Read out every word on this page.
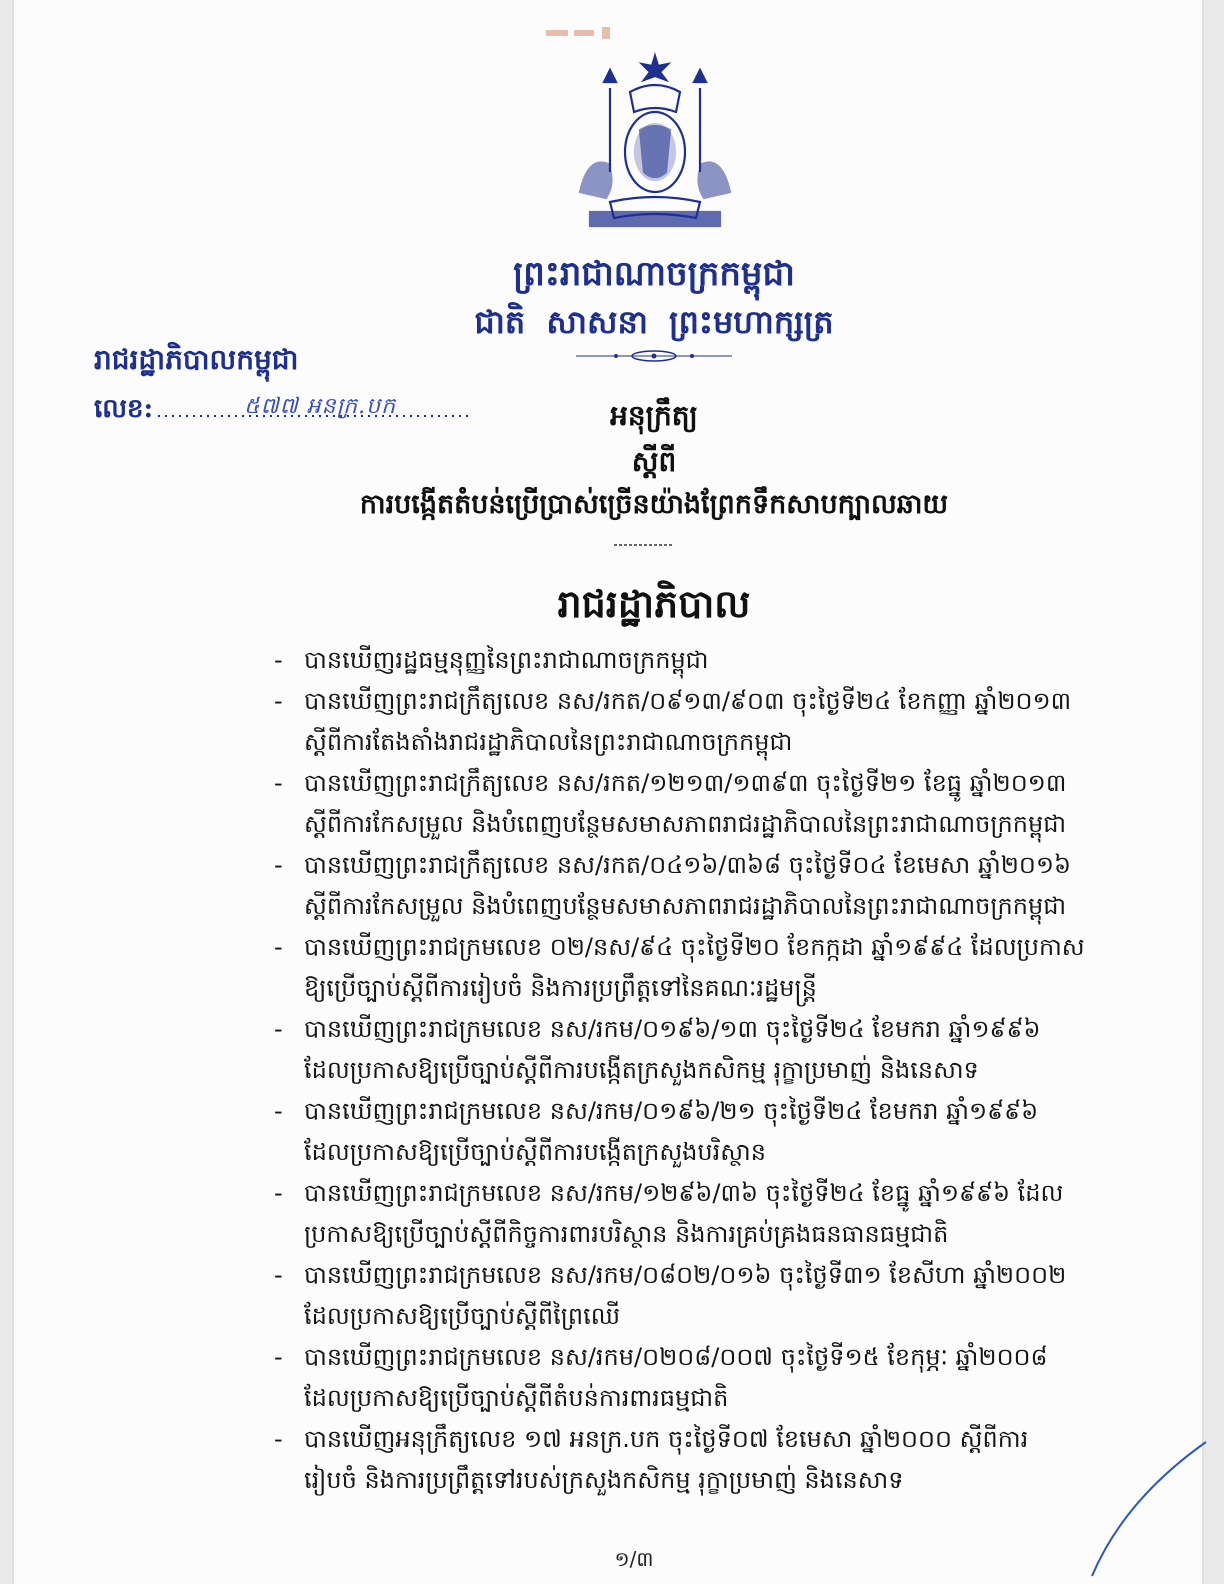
ព្រះរាជាណាចក្រកម្ពុជា
ជាតិ សាសនា ព្រះមហាក្សត្រ
រាជរដ្ឋាភិបាលកម្ពុជា
លេខ:	៥៧៧ អនក្រ.បក	អនុក្រឹត្យ
ស្តីពី
ការបង្កើតតំបន់ប្រើប្រាស់ច្រើនយ៉ាងព្រែកទឹកសាបក្បាលឆាយ
រាជរដ្ឋាភិបាល
- បានឃើញរដ្ឋធម្មនុញ្ញនៃព្រះរាជាណាចក្រកម្ពុជា
- បានឃើញព្រះរាជក្រឹត្យលេខ នស/រកត/០៩១៣/៩០៣ ចុះថ្ងៃទី២៤ ខែកញ្ញា ឆ្នាំ២០១៣
ស្តីពីការតែងតាំងរាជរដ្ឋាភិបាលនៃព្រះរាជាណាចក្រកម្ពុជា
- បានឃើញព្រះរាជក្រឹត្យលេខ នស/រកត/១២១៣/១៣៩៣ ចុះថ្ងៃទី២១ ខែធ្នូ ឆ្នាំ២០១៣
ស្តីពីការកែសម្រួល និងបំពេញបន្ថែមសមាសភាពរាជរដ្ឋាភិបាលនៃព្រះរាជាណាចក្រកម្ពុជា
- បានឃើញព្រះរាជក្រឹត្យលេខ នស/រកត/០៤១៦/៣៦៨ ចុះថ្ងៃទី០៤ ខែមេសា ឆ្នាំ២០១៦
ស្តីពីការកែសម្រួល និងបំពេញបន្ថែមសមាសភាពរាជរដ្ឋាភិបាលនៃព្រះរាជាណាចក្រកម្ពុជា
- បានឃើញព្រះរាជក្រមលេខ ០២/នស/៩៤ ចុះថ្ងៃទី២០ ខែកក្កដា ឆ្នាំ១៩៩៤ ដែលប្រកាស
ឱ្យប្រើច្បាប់ស្តីពីការរៀបចំ និងការប្រព្រឹត្តទៅនៃគណៈរដ្ឋមន្ត្រី
- បានឃើញព្រះរាជក្រមលេខ នស/រកម/០១៩៦/១៣ ចុះថ្ងៃទី២៤ ខែមករា ឆ្នាំ១៩៩៦
ដែលប្រកាសឱ្យប្រើច្បាប់ស្តីពីការបង្កើតក្រសួងកសិកម្ម រុក្ខាប្រមាញ់ និងនេសាទ
- បានឃើញព្រះរាជក្រមលេខ នស/រកម/០១៩៦/២១ ចុះថ្ងៃទី២៤ ខែមករា ឆ្នាំ១៩៩៦
ដែលប្រកាសឱ្យប្រើច្បាប់ស្តីពីការបង្កើតក្រសួងបរិស្ថាន
- បានឃើញព្រះរាជក្រមលេខ នស/រកម/១២៩៦/៣៦ ចុះថ្ងៃទី២៤ ខែធ្នូ ឆ្នាំ១៩៩៦ ដែល
ប្រកាសឱ្យប្រើច្បាប់ស្តីពីកិច្ចការពារបរិស្ថាន និងការគ្រប់គ្រងធនធានធម្មជាតិ
- បានឃើញព្រះរាជក្រមលេខ នស/រកម/០៨០២/០១៦ ចុះថ្ងៃទី៣១ ខែសីហា ឆ្នាំ២០០២
ដែលប្រកាសឱ្យប្រើច្បាប់ស្តីពីព្រៃឈើ
- បានឃើញព្រះរាជក្រមលេខ នស/រកម/០២០៨/០០៧ ចុះថ្ងៃទី១៥ ខែកុម្ភៈ ឆ្នាំ២០០៨
ដែលប្រកាសឱ្យប្រើច្បាប់ស្តីពីតំបន់ការពារធម្មជាតិ
- បានឃើញអនុក្រឹត្យលេខ ១៧ អនក្រ.បក ចុះថ្ងៃទី០៧ ខែមេសា ឆ្នាំ២០០០ ស្តីពីការ
រៀបចំ និងការប្រព្រឹត្តទៅរបស់ក្រសួងកសិកម្ម រុក្ខាប្រមាញ់ និងនេសាទ
១/៣
